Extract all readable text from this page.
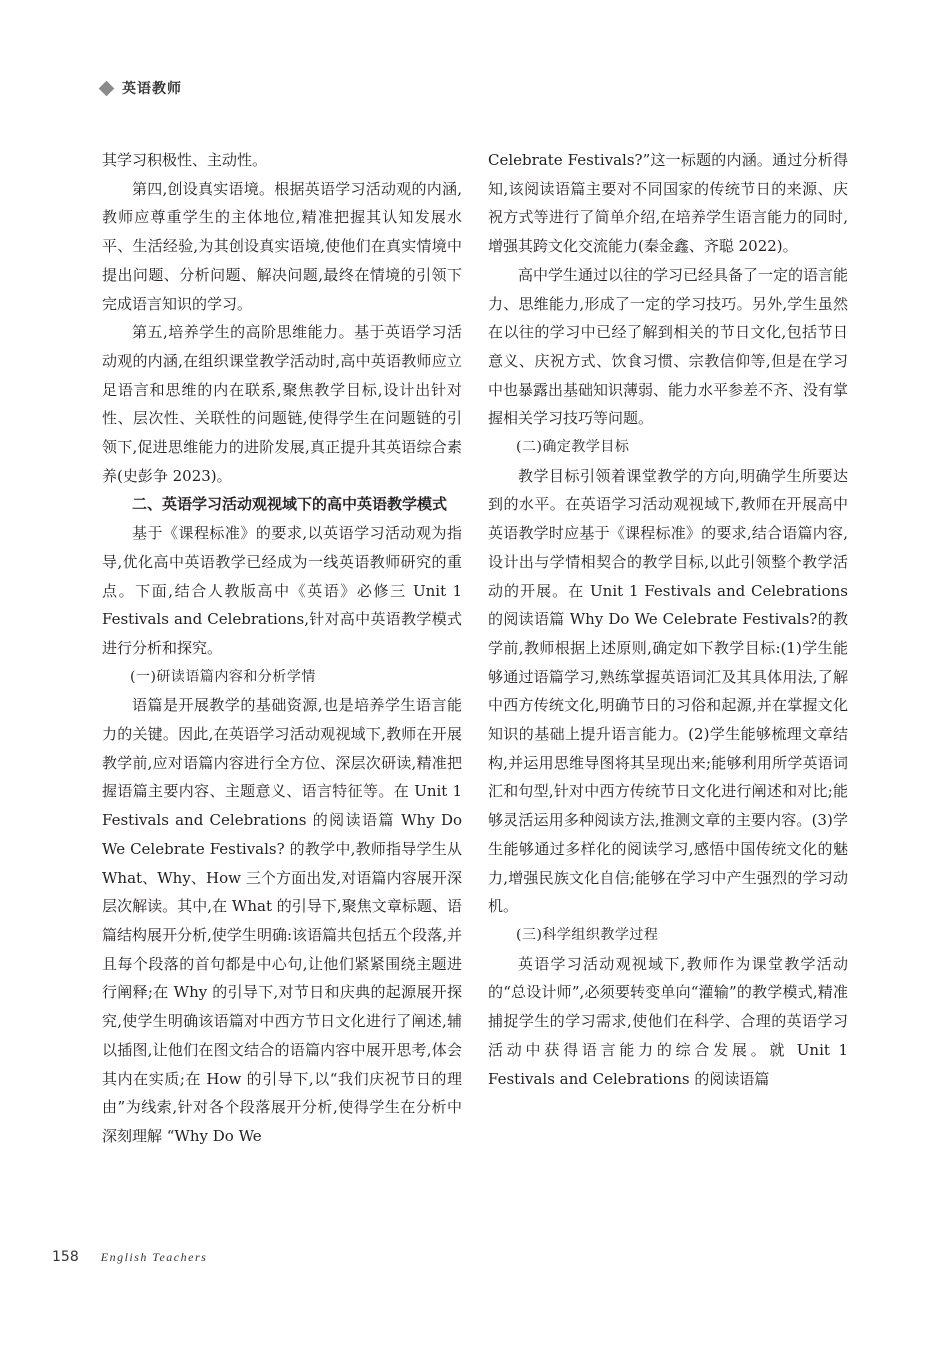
英语教师

其学习积极性、主动性。

第四,创设真实语境。根据英语学习活动观的内涵,教师应尊重学生的主体地位,精准把握其认知发展水平、生活经验,为其创设真实语境,使他们在真实情境中提出问题、分析问题、解决问题,最终在情境的引领下完成语言知识的学习。

第五,培养学生的高阶思维能力。基于英语学习活动观的内涵,在组织课堂教学活动时,高中英语教师应立足语言和思维的内在联系,聚焦教学目标,设计出针对性、层次性、关联性的问题链,使得学生在问题链的引领下,促进思维能力的进阶发展,真正提升其英语综合素养(史彭争 2023)。

二、英语学习活动观视域下的高中英语教学模式

基于《课程标准》的要求,以英语学习活动观为指导,优化高中英语教学已经成为一线英语教师研究的重点。下面,结合人教版高中《英语》必修三 Unit 1 Festivals and Celebrations,针对高中英语教学模式进行分析和探究。

(一)研读语篇内容和分析学情

语篇是开展教学的基础资源,也是培养学生语言能力的关键。因此,在英语学习活动观视域下,教师在开展教学前,应对语篇内容进行全方位、深层次研读,精准把握语篇主要内容、主题意义、语言特征等。在 Unit 1 Festivals and Celebrations 的阅读语篇 Why Do We Celebrate Festivals? 的教学中,教师指导学生从 What、Why、How 三个方面出发,对语篇内容展开深层次解读。其中,在 What 的引导下,聚焦文章标题、语篇结构展开分析,使学生明确:该语篇共包括五个段落,并且每个段落的首句都是中心句,让他们紧紧围绕主题进行阐释;在 Why 的引导下,对节日和庆典的起源展开探究,使学生明确该语篇对中西方节日文化进行了阐述,辅以插图,让他们在图文结合的语篇内容中展开思考,体会其内在实质;在 How 的引导下,以“我们庆祝节日的理由”为线索,针对各个段落展开分析,使得学生在分析中深刻理解 “Why Do We

Celebrate Festivals?”这一标题的内涵。通过分析得知,该阅读语篇主要对不同国家的传统节日的来源、庆祝方式等进行了简单介绍,在培养学生语言能力的同时,增强其跨文化交流能力(秦金鑫、齐聪 2022)。

高中学生通过以往的学习已经具备了一定的语言能力、思维能力,形成了一定的学习技巧。另外,学生虽然在以往的学习中已经了解到相关的节日文化,包括节日意义、庆祝方式、饮食习惯、宗教信仰等,但是在学习中也暴露出基础知识薄弱、能力水平参差不齐、没有掌握相关学习技巧等问题。

(二)确定教学目标

教学目标引领着课堂教学的方向,明确学生所要达到的水平。在英语学习活动观视域下,教师在开展高中英语教学时应基于《课程标准》的要求,结合语篇内容,设计出与学情相契合的教学目标,以此引领整个教学活动的开展。在 Unit 1 Festivals and Celebrations 的阅读语篇 Why Do We Celebrate Festivals?的教学前,教师根据上述原则,确定如下教学目标:(1)学生能够通过语篇学习,熟练掌握英语词汇及其具体用法,了解中西方传统文化,明确节日的习俗和起源,并在掌握文化知识的基础上提升语言能力。(2)学生能够梳理文章结构,并运用思维导图将其呈现出来;能够利用所学英语词汇和句型,针对中西方传统节日文化进行阐述和对比;能够灵活运用多种阅读方法,推测文章的主要内容。(3)学生能够通过多样化的阅读学习,感悟中国传统文化的魅力,增强民族文化自信;能够在学习中产生强烈的学习动机。

(三)科学组织教学过程

英语学习活动观视域下,教师作为课堂教学活动的“总设计师”,必须要转变单向“灌输”的教学模式,精准捕捉学生的学习需求,使他们在科学、合理的英语学习活动中获得语言能力的综合发展。就 Unit 1 Festivals and Celebrations 的阅读语篇

158 English Teachers
